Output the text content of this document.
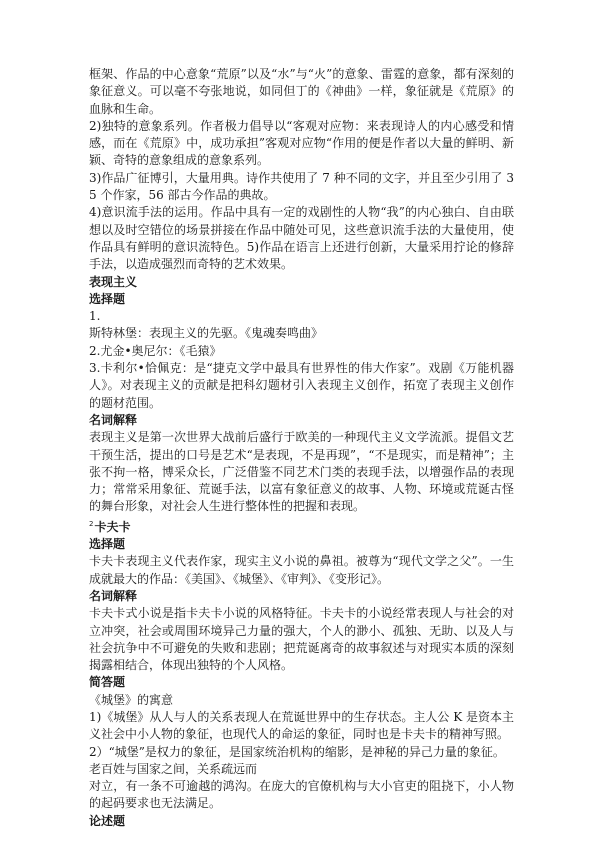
框架、作品的中心意象“荒原”以及“水”与“火”的意象、雷霆的意象，都有深刻的象征意义。可以毫不夸张地说，如同但丁的《神曲》一样，象征就是《荒原》的血脉和生命。

2)独特的意象系列。作者极力倡导以“客观对应物：来表现诗人的内心感受和情感，而在《荒原》中，成功承担”客观对应物“作用的便是作者以大量的鲜明、新颖、奇特的意象组成的意象系列。

3)作品广征博引，大量用典。诗作共使用了 7 种不同的文字，并且至少引用了 35 个作家，56 部古今作品的典故。

4)意识流手法的运用。作品中具有一定的戏剧性的人物“我”的内心独白、自由联想以及时空错位的场景拼接在作品中随处可见，这些意识流手法的大量使用，使作品具有鲜明的意识流特色。5)作品在语言上还进行创新，大量采用拧论的修辞手法，以造成强烈而奇特的艺术效果。

表现主义
选择题

1.

斯特林堡：表现主义的先驱。《鬼魂奏鸣曲》

2.尤金•奥尼尔：《毛猿》

3.卡利尔•恰佩克：是“捷克文学中最具有世界性的伟大作家”。戏剧《万能机器人》。对表现主义的贡献是把科幻题材引入表现主义创作，拓宽了表现主义创作的题材范围。

名词解释

表现主义是第一次世界大战前后盛行于欧美的一种现代主义文学流派。提倡文艺干预生活，提出的口号是艺术“是表现，不是再现”，“不是现实，而是精神”；主张不拘一格，博采众长，广泛借鉴不同艺术门类的表现手法，以增强作品的表现力；常常采用象征、荒诞手法，以富有象征意义的故事、人物、环境或荒诞古怪的舞台形象，对社会人生进行整体性的把握和表现。

$^2$卡夫卡
选择题

卡夫卡表现主义代表作家，现实主义小说的鼻祖。被尊为“现代文学之父”。一生成就最大的作品：《美国》、《城堡》、《审判》、《变形记》。

名词解释

卡夫卡式小说是指卡夫卡小说的风格特征。卡夫卡的小说经常表现人与社会的对立冲突，社会或周围环境异己力量的强大，个人的渺小、孤独、无助、以及人与社会抗争中不可避免的失败和悲剧；把荒诞离奇的故事叙述与对现实本质的深刻揭露相结合，体现出独特的个人风格。

简答题

《城堡》的寓意

1)《城堡》从人与人的关系表现人在荒诞世界中的生存状态。主人公 K 是资本主义社会中小人物的象征，也现代人的命运的象征，同时也是卡夫卡的精神写照。

2）“城堡”是权力的象征，是国家统治机构的缩影，是神秘的异己力量的象征。

老百姓与国家之间，关系疏远而

对立，有一条不可逾越的鸿沟。在庞大的官僚机构与大小官吏的阻挠下，小人物的起码要求也无法满足。

论述题
